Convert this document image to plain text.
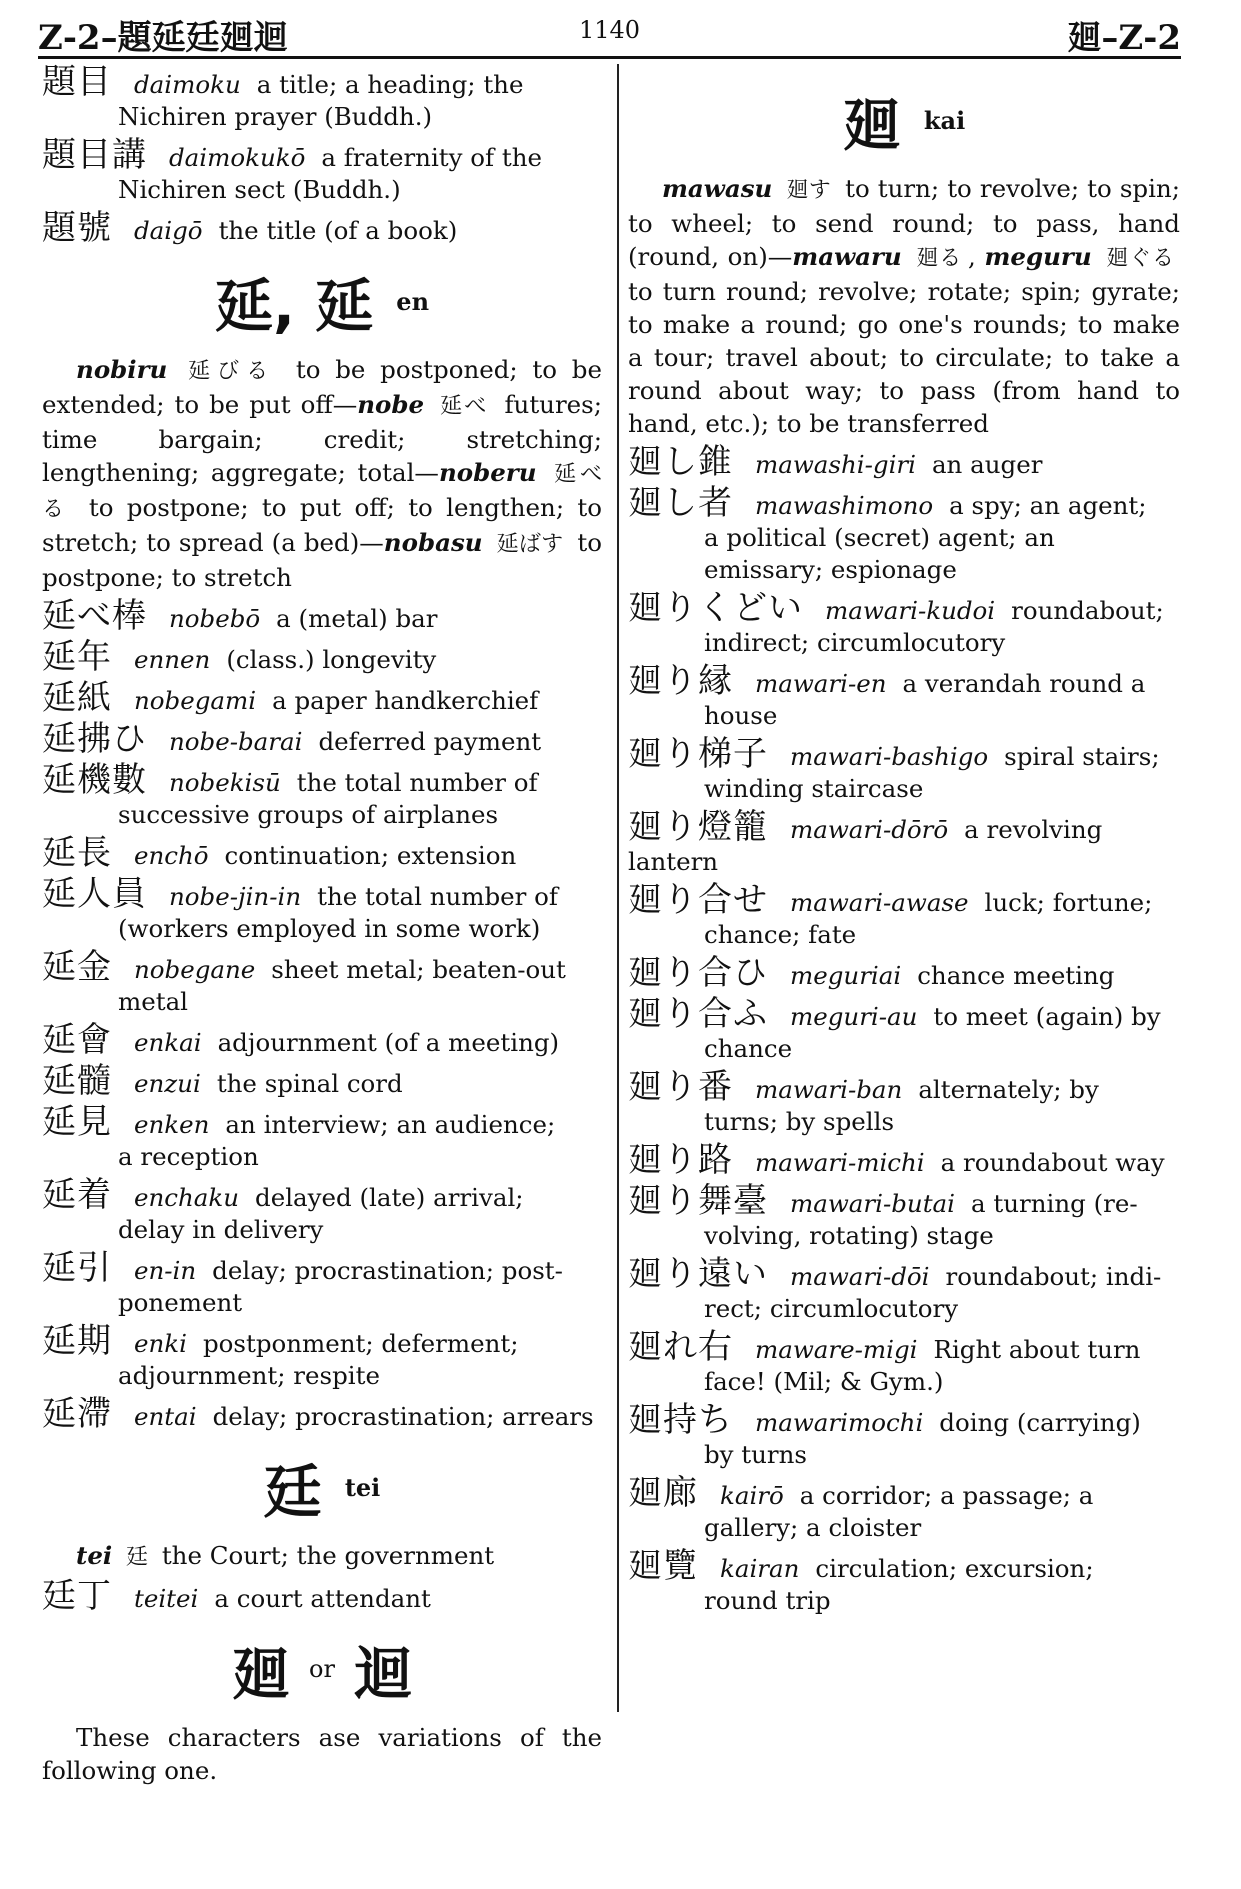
Z-2–題延廷廻迴	1140	廻–Z-2
題目 daimoku a title; a heading; the
Nichiren prayer (Buddh.)
題目講 daimokukō a fraternity of the
Nichiren sect (Buddh.)
題號 daigō the title (of a book)
延, 延 en

nobiru 延びる to be postponed; to be extended; to be put off—nobe 延べ futures; time bargain; credit; stretching; lengthening; aggregate; total—noberu 延べる to postpone; to put off; to lengthen; to stretch; to spread (a bed)—nobasu 延ばす to postpone; to stretch

延べ棒 nobebō a (metal) bar
延年 ennen (class.) longevity
延紙 nobegami a paper handkerchief
延拂ひ nobe-barai deferred payment
延機數 nobekisū the total number of
successive groups of airplanes
延長 enchō continuation; extension
延人員 nobe-jin-in the total number of
(workers employed in some work)
延金 nobegane sheet metal; beaten-out
metal
延會 enkai adjournment (of a meeting)
延髓 enzui the spinal cord
延見 enken an interview; an audience;
a reception
延着 enchaku delayed (late) arrival;
delay in delivery
延引 en-in delay; procrastination; post-
ponement
延期 enki postponment; deferment;
adjournment; respite
延滯 entai delay; procrastination; arrears
廷 tei

tei 廷 the Court; the government

廷丁 teitei a court attendant
廻 or 迴

These characters ase variations of the following one.

廻 kai

mawasu 廻す to turn; to revolve; to spin; to wheel; to send round; to pass, hand (round, on)—mawaru 廻る , meguru 廻ぐる to turn round; revolve; rotate; spin; gyrate; to make a round; go one's rounds; to make a tour; travel about; to circulate; to take a round about way; to pass (from hand to hand, etc.); to be transferred

廻し錐 mawashi-giri an auger
廻し者 mawashimono a spy; an agent;
a political (secret) agent; an emissary; espionage
廻りくどい mawari-kudoi roundabout;
indirect; circumlocutory
廻り縁 mawari-en a verandah round a
house
廻り梯子 mawari-bashigo spiral stairs;
winding staircase
廻り燈籠 mawari-dōrō a revolving lantern
廻り合せ mawari-awase luck; fortune;
chance; fate
廻り合ひ meguriai chance meeting
廻り合ふ meguri-au to meet (again) by
chance
廻り番 mawari-ban alternately; by
turns; by spells
廻り路 mawari-michi a roundabout way
廻り舞臺 mawari-butai a turning (re-
volving, rotating) stage
廻り遠い mawari-dōi roundabout; indi-
rect; circumlocutory
廻れ右 maware-migi Right about turn
face! (Mil; & Gym.)
廻持ち mawarimochi doing (carrying)
by turns
廻廊 kairō a corridor; a passage; a
gallery; a cloister
廻覽 kairan circulation; excursion;
round trip
